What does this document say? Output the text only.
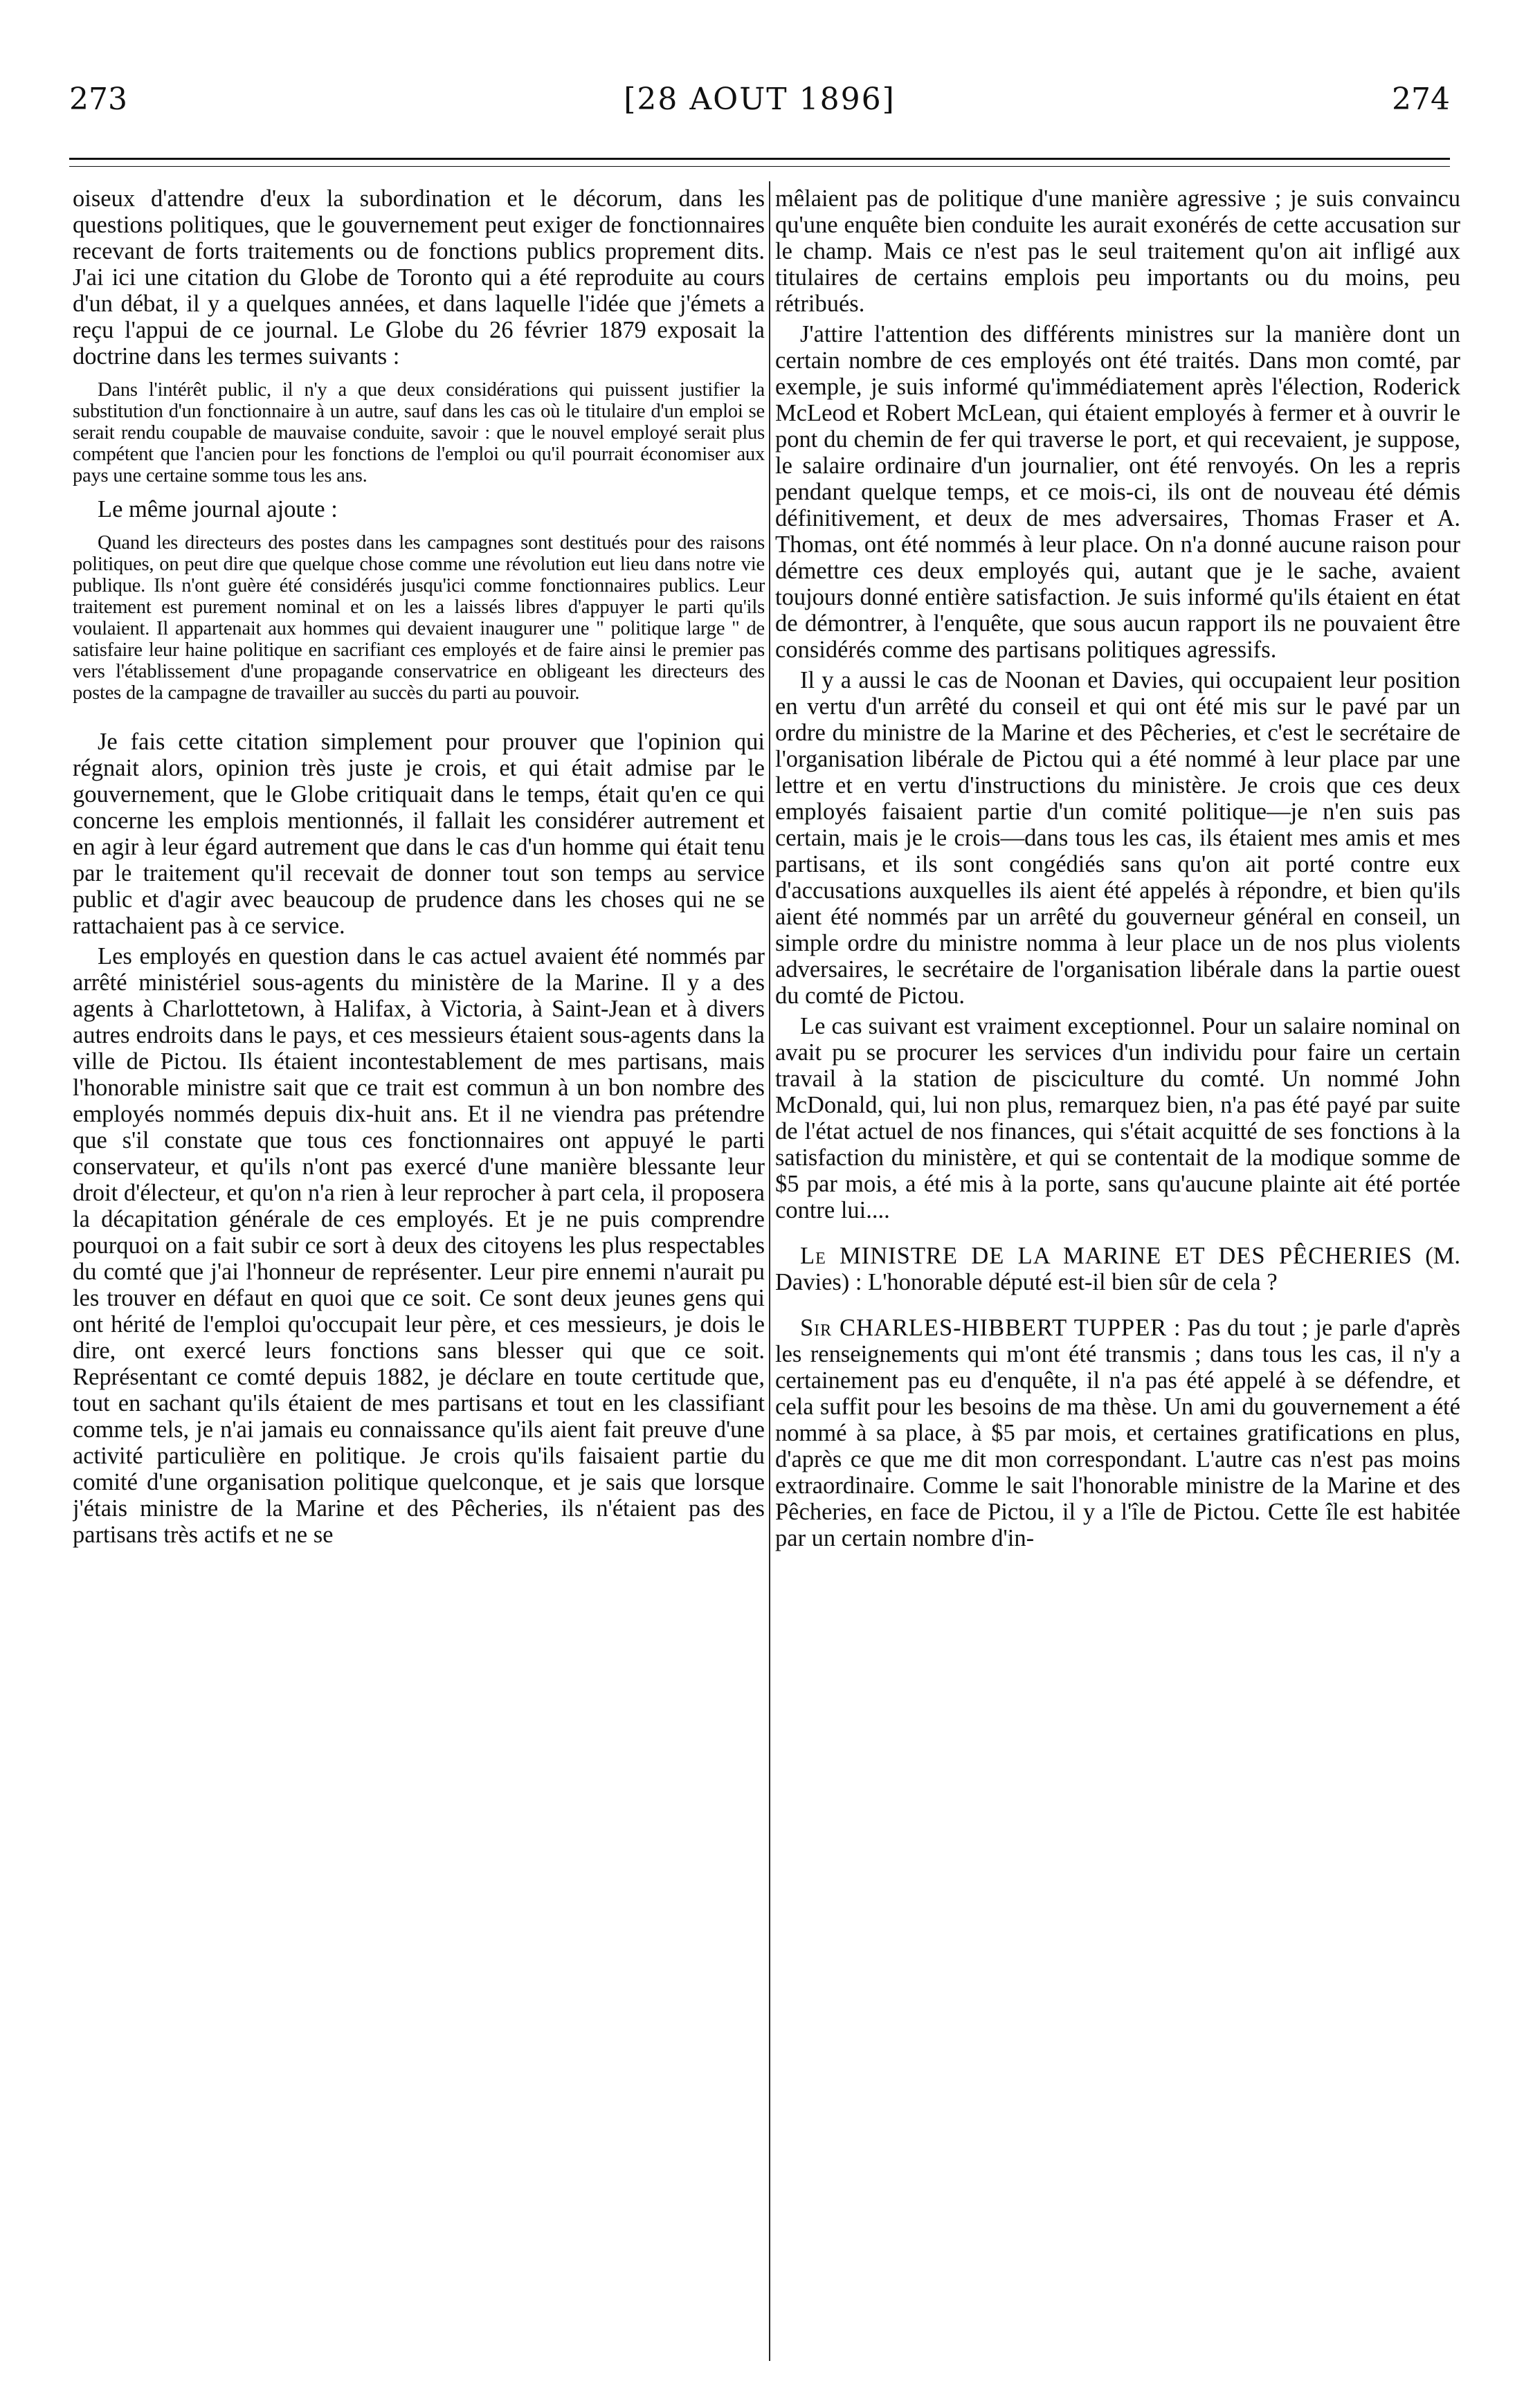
273	[28 AOUT 1896]	274

oiseux d'attendre d'eux la subordination et le décorum, dans les questions politiques, que le gouvernement peut exiger de fonctionnaires recevant de forts traitements ou de fonctions publics proprement dits. J'ai ici une citation du Globe de Toronto qui a été reproduite au cours d'un débat, il y a quelques années, et dans laquelle l'idée que j'émets a reçu l'appui de ce journal. Le Globe du 26 février 1879 exposait la doctrine dans les termes suivants :

Dans l'intérêt public, il n'y a que deux considérations qui puissent justifier la substitution d'un fonctionnaire à un autre, sauf dans les cas où le titulaire d'un emploi se serait rendu coupable de mauvaise conduite, savoir : que le nouvel employé serait plus compétent que l'ancien pour les fonctions de l'emploi ou qu'il pourrait économiser aux pays une certaine somme tous les ans.

Le même journal ajoute :

Quand les directeurs des postes dans les campagnes sont destitués pour des raisons politiques, on peut dire que quelque chose comme une révolution eut lieu dans notre vie publique. Ils n'ont guère été considérés jusqu'ici comme fonctionnaires publics. Leur traitement est purement nominal et on les a laissés libres d'appuyer le parti qu'ils voulaient. Il appartenait aux hommes qui devaient inaugurer une " politique large " de satisfaire leur haine politique en sacrifiant ces employés et de faire ainsi le premier pas vers l'établissement d'une propagande conservatrice en obligeant les directeurs des postes de la campagne de travailler au succès du parti au pouvoir.

Je fais cette citation simplement pour prouver que l'opinion qui régnait alors, opinion très juste je crois, et qui était admise par le gouvernement, que le Globe critiquait dans le temps, était qu'en ce qui concerne les emplois mentionnés, il fallait les considérer autrement et en agir à leur égard autrement que dans le cas d'un homme qui était tenu par le traitement qu'il recevait de donner tout son temps au service public et d'agir avec beaucoup de prudence dans les choses qui ne se rattachaient pas à ce service.

Les employés en question dans le cas actuel avaient été nommés par arrêté ministériel sous-agents du ministère de la Marine. Il y a des agents à Charlottetown, à Halifax, à Victoria, à Saint-Jean et à divers autres endroits dans le pays, et ces messieurs étaient sous-agents dans la ville de Pictou. Ils étaient incontestablement de mes partisans, mais l'honorable ministre sait que ce trait est commun à un bon nombre des employés nommés depuis dix-huit ans. Et il ne viendra pas prétendre que s'il constate que tous ces fonctionnaires ont appuyé le parti conservateur, et qu'ils n'ont pas exercé d'une manière blessante leur droit d'électeur, et qu'on n'a rien à leur reprocher à part cela, il proposera la décapitation générale de ces employés. Et je ne puis comprendre pourquoi on a fait subir ce sort à deux des citoyens les plus respectables du comté que j'ai l'honneur de représenter. Leur pire ennemi n'aurait pu les trouver en défaut en quoi que ce soit. Ce sont deux jeunes gens qui ont hérité de l'emploi qu'occupait leur père, et ces messieurs, je dois le dire, ont exercé leurs fonctions sans blesser qui que ce soit. Représentant ce comté depuis 1882, je déclare en toute certitude que, tout en sachant qu'ils étaient de mes partisans et tout en les classifiant comme tels, je n'ai jamais eu connaissance qu'ils aient fait preuve d'une activité particulière en politique. Je crois qu'ils faisaient partie du comité d'une organisation politique quelconque, et je sais que lorsque j'étais ministre de la Marine et des Pêcheries, ils n'étaient pas des partisans très actifs et ne se

mêlaient pas de politique d'une manière agressive ; je suis convaincu qu'une enquête bien conduite les aurait exonérés de cette accusation sur le champ. Mais ce n'est pas le seul traitement qu'on ait infligé aux titulaires de certains emplois peu importants ou du moins, peu rétribués.

J'attire l'attention des différents ministres sur la manière dont un certain nombre de ces employés ont été traités. Dans mon comté, par exemple, je suis informé qu'immédiatement après l'élection, Roderick McLeod et Robert McLean, qui étaient employés à fermer et à ouvrir le pont du chemin de fer qui traverse le port, et qui recevaient, je suppose, le salaire ordinaire d'un journalier, ont été renvoyés. On les a repris pendant quelque temps, et ce mois-ci, ils ont de nouveau été démis définitivement, et deux de mes adversaires, Thomas Fraser et A. Thomas, ont été nommés à leur place. On n'a donné aucune raison pour démettre ces deux employés qui, autant que je le sache, avaient toujours donné entière satisfaction. Je suis informé qu'ils étaient en état de démontrer, à l'enquête, que sous aucun rapport ils ne pouvaient être considérés comme des partisans politiques agressifs.

Il y a aussi le cas de Noonan et Davies, qui occupaient leur position en vertu d'un arrêté du conseil et qui ont été mis sur le pavé par un ordre du ministre de la Marine et des Pêcheries, et c'est le secrétaire de l'organisation libérale de Pictou qui a été nommé à leur place par une lettre et en vertu d'instructions du ministère. Je crois que ces deux employés faisaient partie d'un comité politique—je n'en suis pas certain, mais je le crois—dans tous les cas, ils étaient mes amis et mes partisans, et ils sont congédiés sans qu'on ait porté contre eux d'accusations auxquelles ils aient été appelés à répondre, et bien qu'ils aient été nommés par un arrêté du gouverneur général en conseil, un simple ordre du ministre nomma à leur place un de nos plus violents adversaires, le secrétaire de l'organisation libérale dans la partie ouest du comté de Pictou.

Le cas suivant est vraiment exceptionnel. Pour un salaire nominal on avait pu se procurer les services d'un individu pour faire un certain travail à la station de pisciculture du comté. Un nommé John McDonald, qui, lui non plus, remarquez bien, n'a pas été payé par suite de l'état actuel de nos finances, qui s'était acquitté de ses fonctions à la satisfaction du ministère, et qui se contentait de la modique somme de $5 par mois, a été mis à la porte, sans qu'aucune plainte ait été portée contre lui....

Le MINISTRE DE LA MARINE ET DES PÊCHERIES (M. Davies) : L'honorable député est-il bien sûr de cela ?

Sir CHARLES-HIBBERT TUPPER : Pas du tout ; je parle d'après les renseignements qui m'ont été transmis ; dans tous les cas, il n'y a certainement pas eu d'enquête, il n'a pas été appelé à se défendre, et cela suffit pour les besoins de ma thèse. Un ami du gouvernement a été nommé à sa place, à $5 par mois, et certaines gratifications en plus, d'après ce que me dit mon correspondant. L'autre cas n'est pas moins extraordinaire. Comme le sait l'honorable ministre de la Marine et des Pêcheries, en face de Pictou, il y a l'île de Pictou. Cette île est habitée par un certain nombre d'in-
